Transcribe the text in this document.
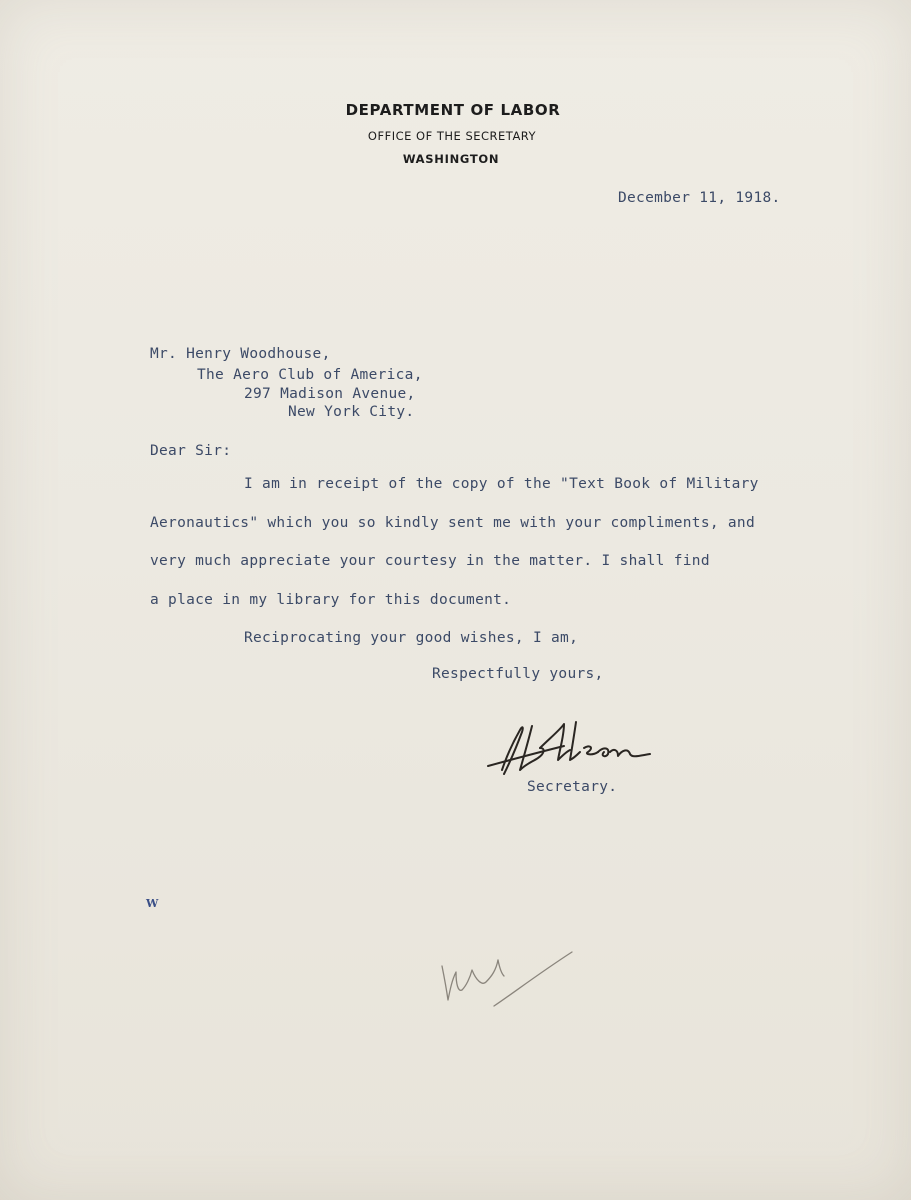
DEPARTMENT OF LABOR
OFFICE OF THE SECRETARY
WASHINGTON
December 11, 1918.
Mr. Henry Woodhouse,
The Aero Club of America,
297 Madison Avenue,
New York City.
Dear Sir:
I am in receipt of the copy of the "Text Book of Military
Aeronautics" which you so kindly sent me with your compliments, and
very much appreciate your courtesy in the matter. I shall find
a place in my library for this document.
Reciprocating your good wishes, I am,
Respectfully yours,
Secretary.
W
